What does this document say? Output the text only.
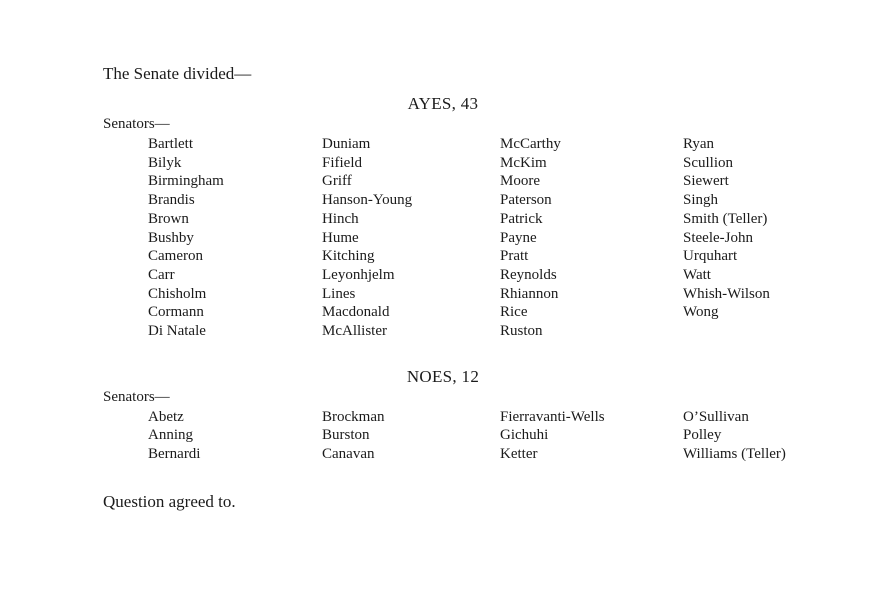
The Senate divided—

AYES, 43

Senators—

Bartlett
Bilyk
Birmingham
Brandis
Brown
Bushby
Cameron
Carr
Chisholm
Cormann
Di Natale
Duniam
Fifield
Griff
Hanson-Young
Hinch
Hume
Kitching
Leyonhjelm
Lines
Macdonald
McAllister
McCarthy
McKim
Moore
Paterson
Patrick
Payne
Pratt
Reynolds
Rhiannon
Rice
Ruston
Ryan
Scullion
Siewert
Singh
Smith (Teller)
Steele-John
Urquhart
Watt
Whish-Wilson
Wong
NOES, 12

Senators—

Abetz
Anning
Bernardi
Brockman
Burston
Canavan
Fierravanti-Wells
Gichuhi
Ketter
O’Sullivan
Polley
Williams (Teller)

Question agreed to.
